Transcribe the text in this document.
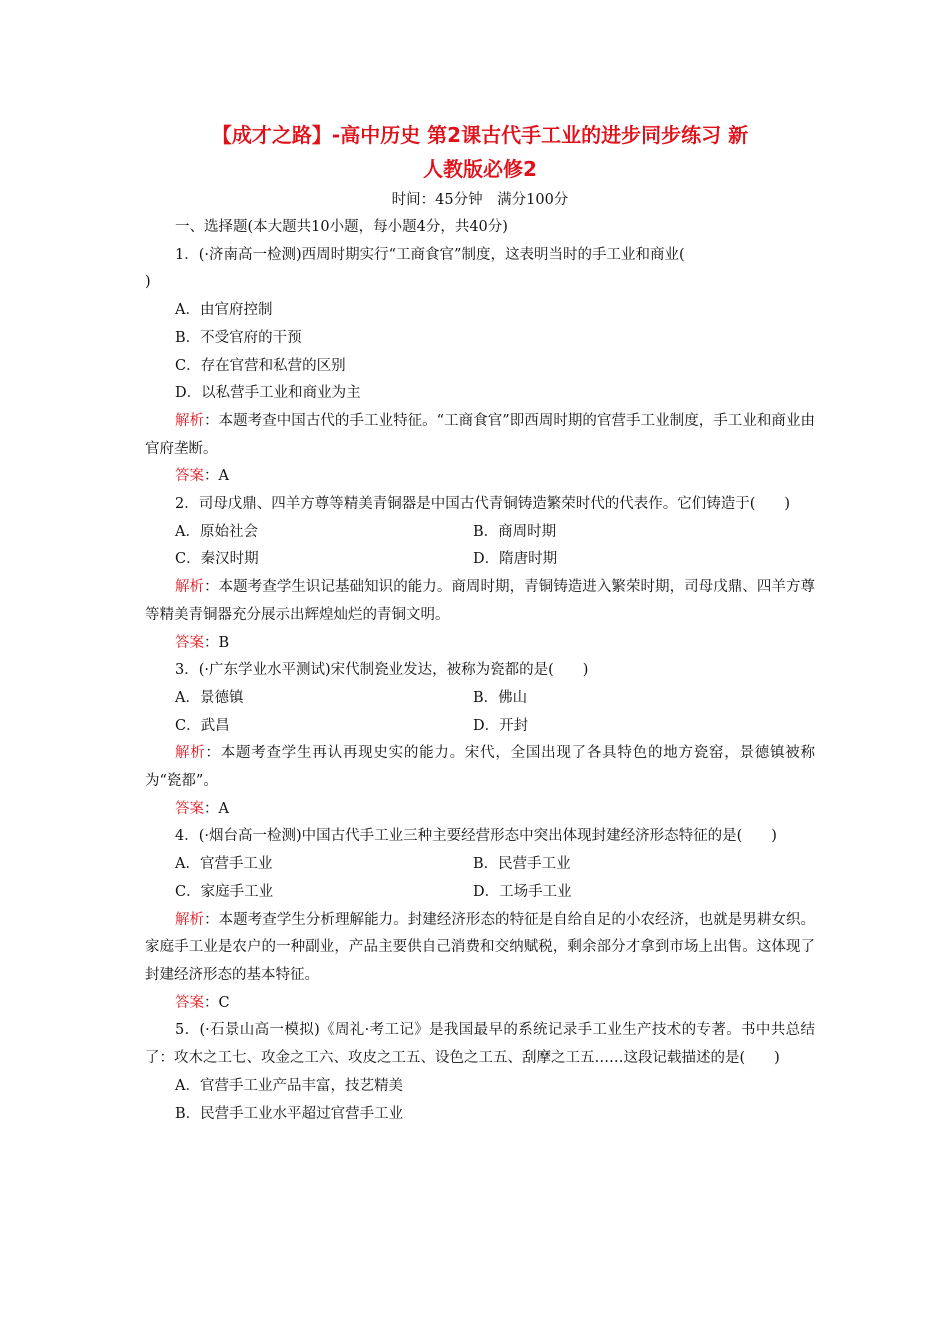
【成才之路】-高中历史 第2课古代手工业的进步同步练习 新
人教版必修2
时间：45分钟　满分100分
一、选择题(本大题共10小题，每小题4分，共40分)
1．(·济南高一检测)西周时期实行“工商食官”制度，这表明当时的手工业和商业(
)
A．由官府控制
B．不受官府的干预
C．存在官营和私营的区别
D．以私营手工业和商业为主
解析：本题考查中国古代的手工业特征。“工商食官”即西周时期的官营手工业制度，手工业和商业由官府垄断。
答案：A
2．司母戊鼎、四羊方尊等精美青铜器是中国古代青铜铸造繁荣时代的代表作。它们铸造于(　　)
A．原始社会	B．商周时期
C．秦汉时期	D．隋唐时期
解析：本题考查学生识记基础知识的能力。商周时期，青铜铸造进入繁荣时期，司母戊鼎、四羊方尊等精美青铜器充分展示出辉煌灿烂的青铜文明。
答案：B
3．(·广东学业水平测试)宋代制瓷业发达，被称为瓷都的是(　　)
A．景德镇	B．佛山
C．武昌	D．开封
解析：本题考查学生再认再现史实的能力。宋代，全国出现了各具特色的地方瓷窑，景德镇被称为“瓷都”。
答案：A
4．(·烟台高一检测)中国古代手工业三种主要经营形态中突出体现封建经济形态特征的是(　　)
A．官营手工业	B．民营手工业
C．家庭手工业	D．工场手工业
解析：本题考查学生分析理解能力。封建经济形态的特征是自给自足的小农经济，也就是男耕女织。家庭手工业是农户的一种副业，产品主要供自己消费和交纳赋税，剩余部分才拿到市场上出售。这体现了封建经济形态的基本特征。
答案：C
5．(·石景山高一模拟)《周礼·考工记》是我国最早的系统记录手工业生产技术的专著。书中共总结了：攻木之工七、攻金之工六、攻皮之工五、设色之工五、刮摩之工五……这段记载描述的是(　　)
A．官营手工业产品丰富，技艺精美
B．民营手工业水平超过官营手工业
